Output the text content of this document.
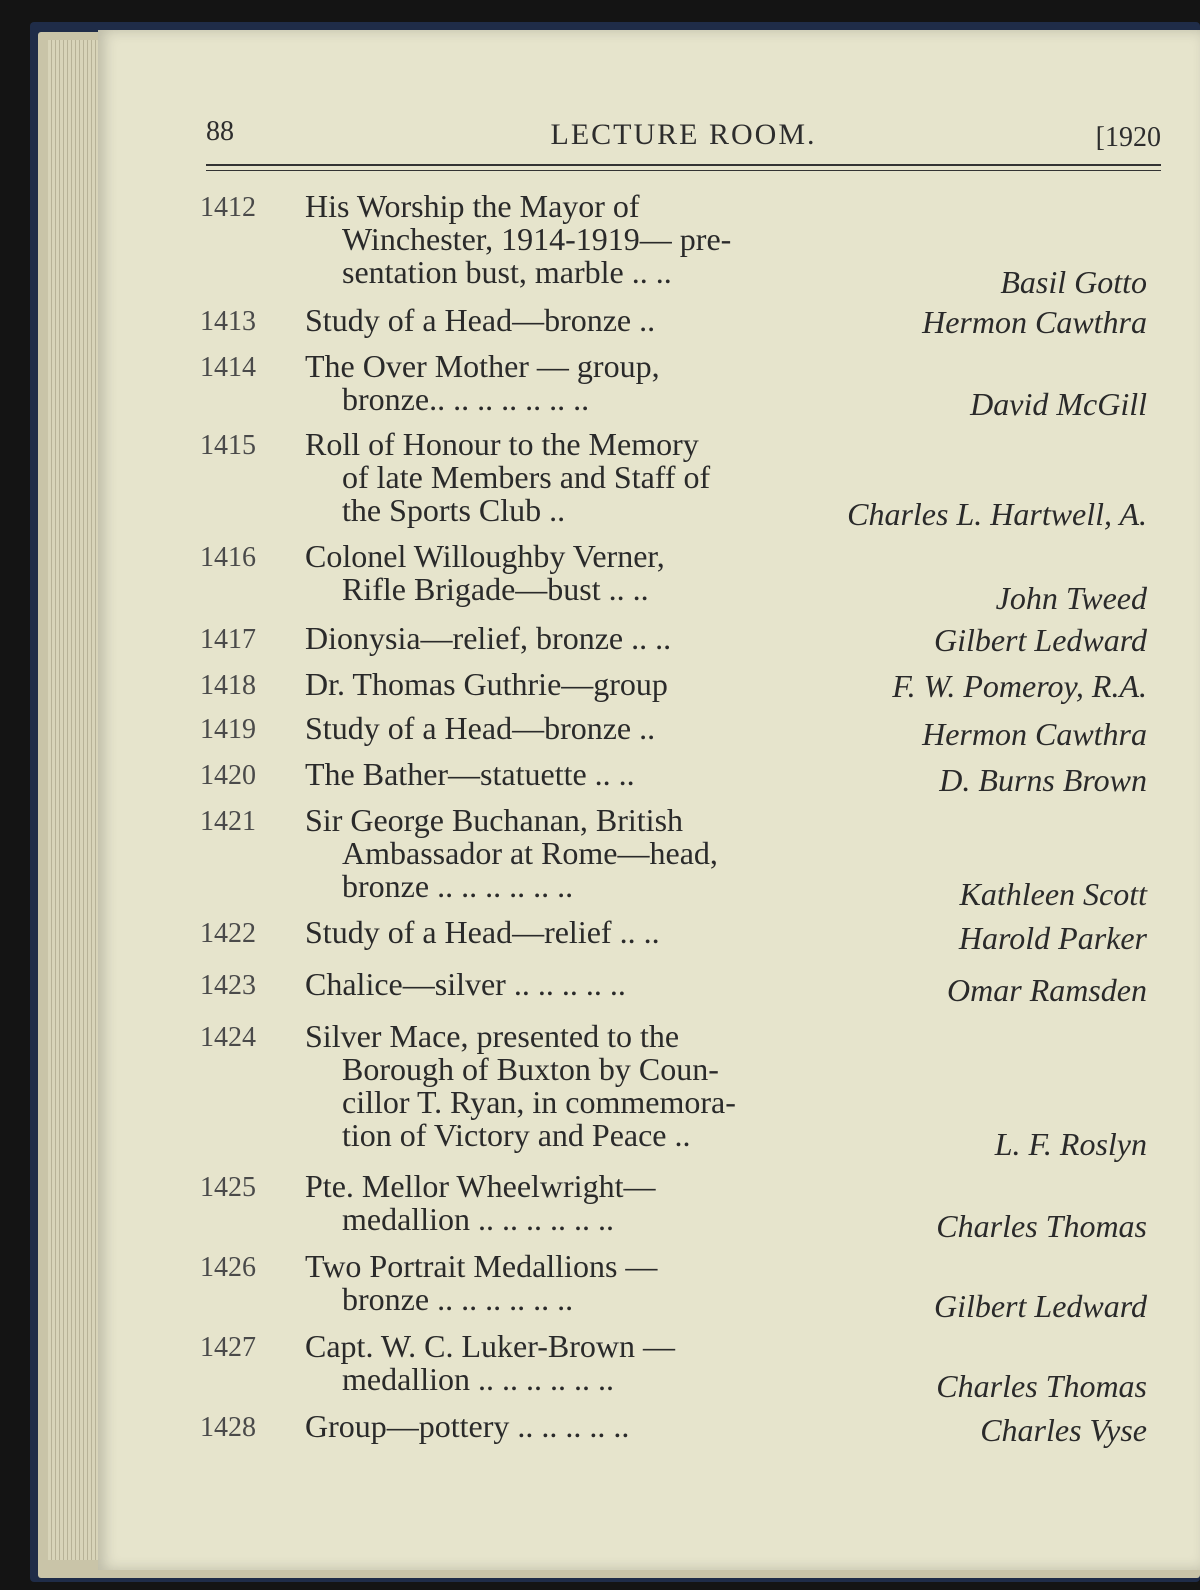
88	LECTURE ROOM.	[1920
1412 His Worship the Mayor of
Winchester, 1914-1919— pre-
sentation bust, marble .. ..	Basil Gotto
1413 Study of a Head—bronze ..	Hermon Cawthra
1414 The Over Mother — group,
bronze.. .. .. .. .. .. ..	David McGill
1415 Roll of Honour to the Memory
of late Members and Staff of
the Sports Club ..	Charles L. Hartwell, A.
1416 Colonel Willoughby Verner,
Rifle Brigade—bust .. ..	John Tweed
1417 Dionysia—relief, bronze .. ..	Gilbert Ledward
1418 Dr. Thomas Guthrie—group	F. W. Pomeroy, R.A.
1419 Study of a Head—bronze ..	Hermon Cawthra
1420 The Bather—statuette .. ..	D. Burns Brown
1421 Sir George Buchanan, British
Ambassador at Rome—head,
bronze .. .. .. .. .. ..	Kathleen Scott
1422 Study of a Head—relief .. ..	Harold Parker
1423 Chalice—silver .. .. .. .. ..	Omar Ramsden
1424 Silver Mace, presented to the
Borough of Buxton by Coun-
cillor T. Ryan, in commemora-
tion of Victory and Peace ..	L. F. Roslyn
1425 Pte. Mellor Wheelwright—
medallion .. .. .. .. .. ..	Charles Thomas
1426 Two Portrait Medallions —
bronze .. .. .. .. .. ..	Gilbert Ledward
1427 Capt. W. C. Luker-Brown —
medallion .. .. .. .. .. ..	Charles Thomas
1428 Group—pottery .. .. .. .. ..	Charles Vyse
